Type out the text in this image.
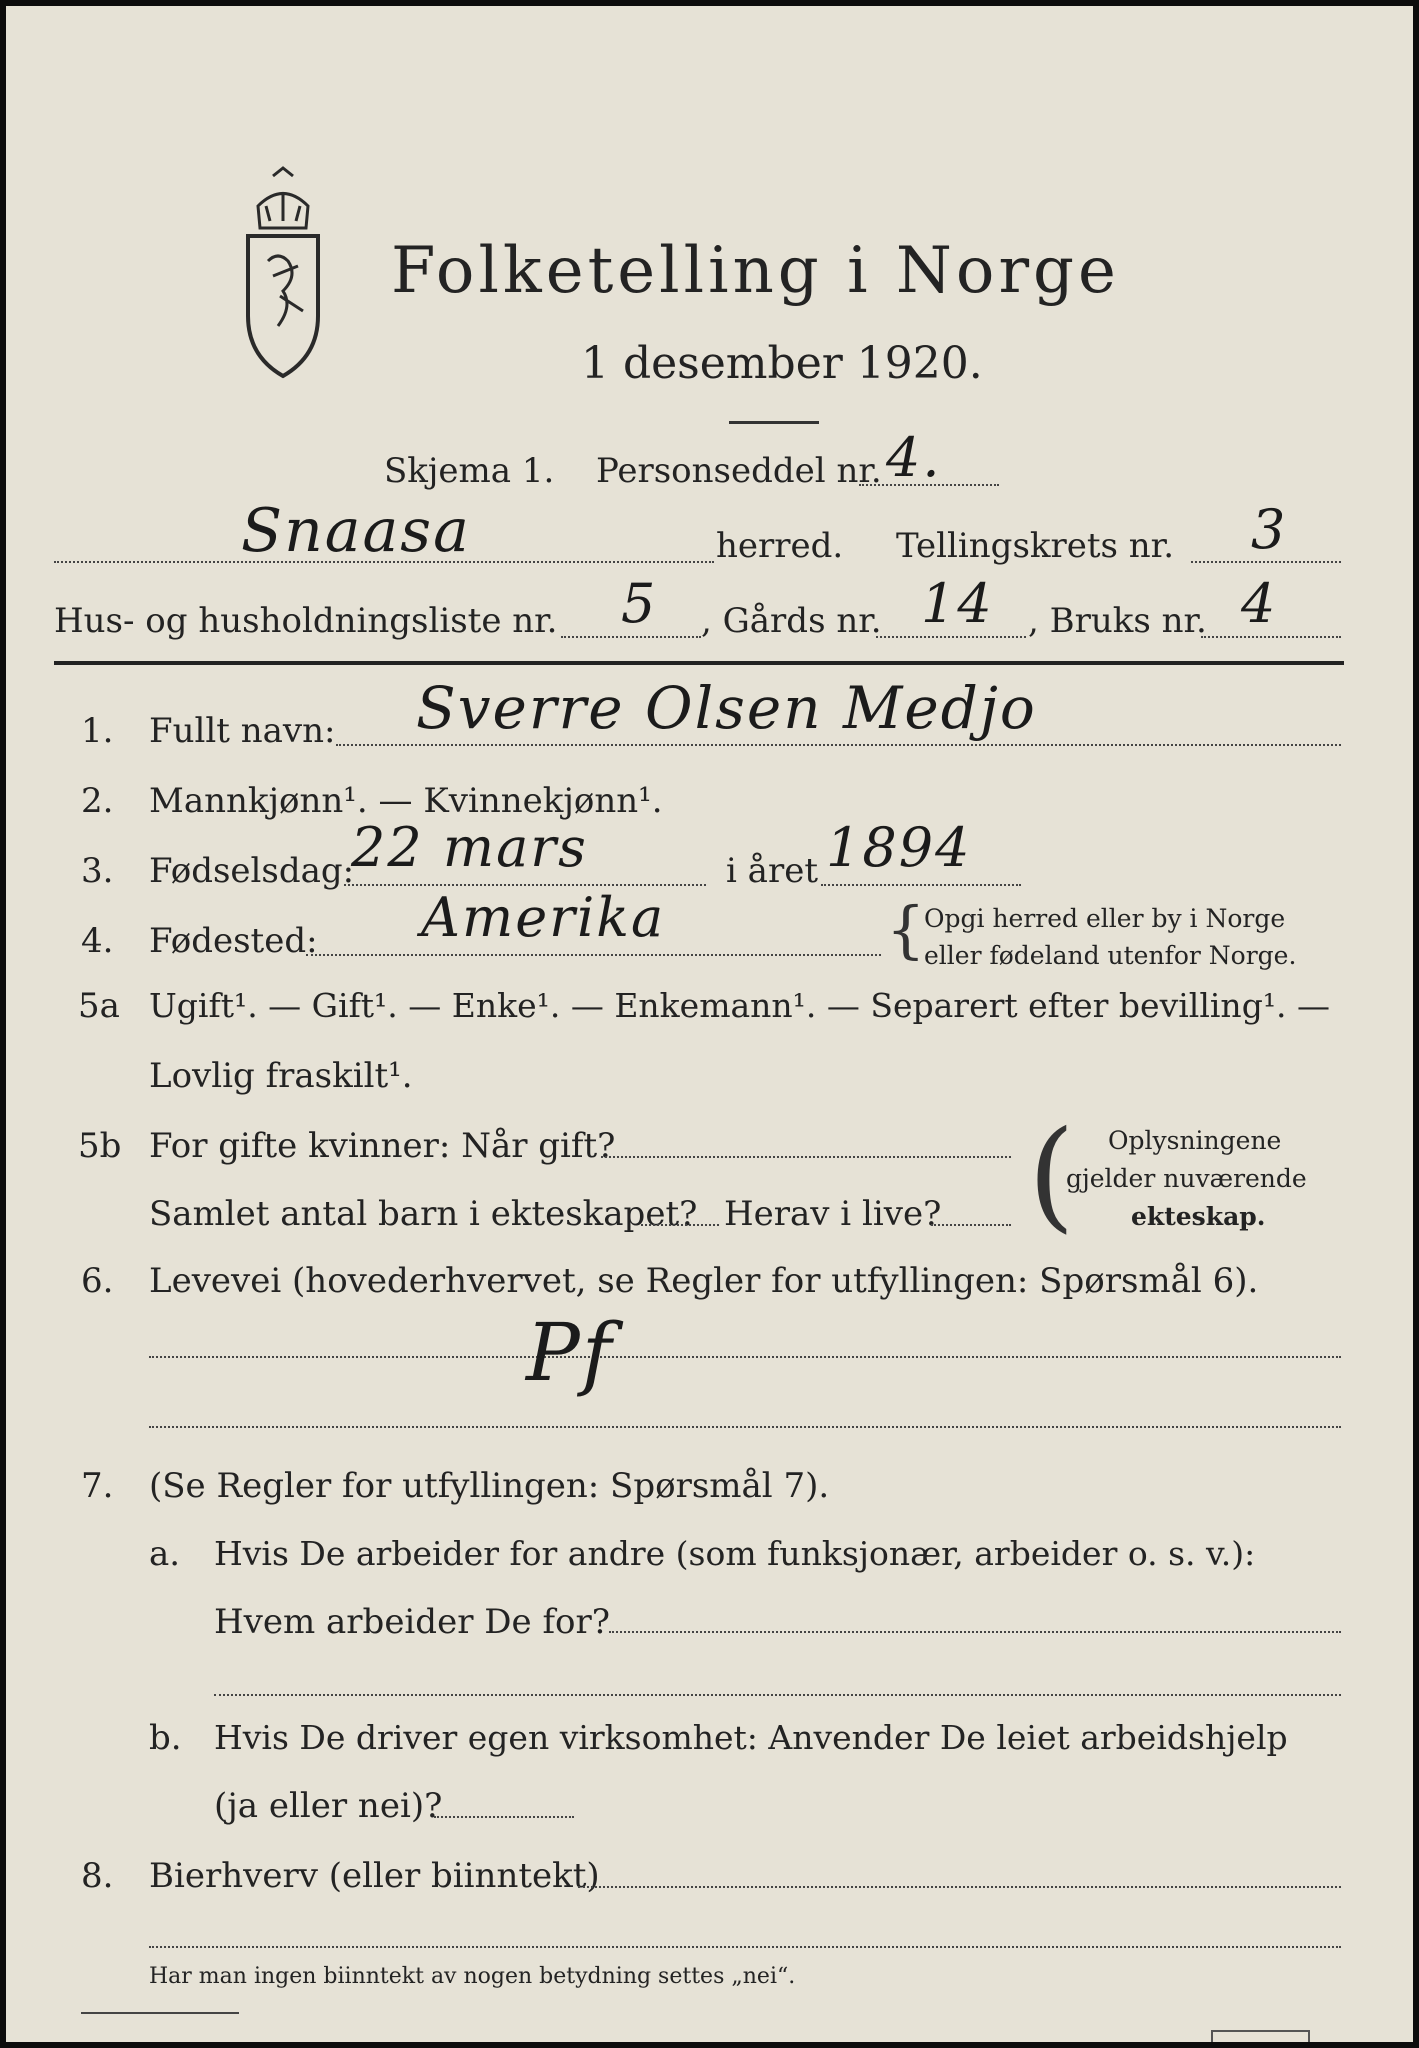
Folketelling i Norge
1 desember 1920.
Skjema 1. Personseddel nr. 4.
Snaasa	herred. Tellingskrets nr. 3
Hus- og husholdningsliste nr. 5 , Gårds nr. 14 , Bruks nr. 4
1. Fullt navn: Sverre Olsen Medjo
2. Mannkjønn¹. — Kvinnekjønn¹.
3. Fødselsdag:
22 mars	i året 1894
4. Fødested: Amerika	{
Opgi herred eller by i Norge
eller fødeland utenfor Norge.
5a Ugift¹. — Gift¹. — Enke¹. — Enkemann¹. — Separert efter bevilling¹. —
Lovlig fraskilt¹.
5b For gifte kvinner: Når gift?
Samlet antal barn i ekteskapet? Herav i live? ( Oplysningene
gjelder nuværende
ekteskap.
6. Levevei (hovederhvervet, se Regler for utfyllingen: Spørsmål 6).
Pf
7. (Se Regler for utfyllingen: Spørsmål 7).
a. Hvis De arbeider for andre (som funksjonær, arbeider o. s. v.):
Hvem arbeider De for?
b. Hvis De driver egen virksomhet: Anvender De leiet arbeidshjelp
(ja eller nei)?
8. Bierhverv (eller biinntekt)
Har man ingen biinntekt av nogen betydning settes „nei“.
